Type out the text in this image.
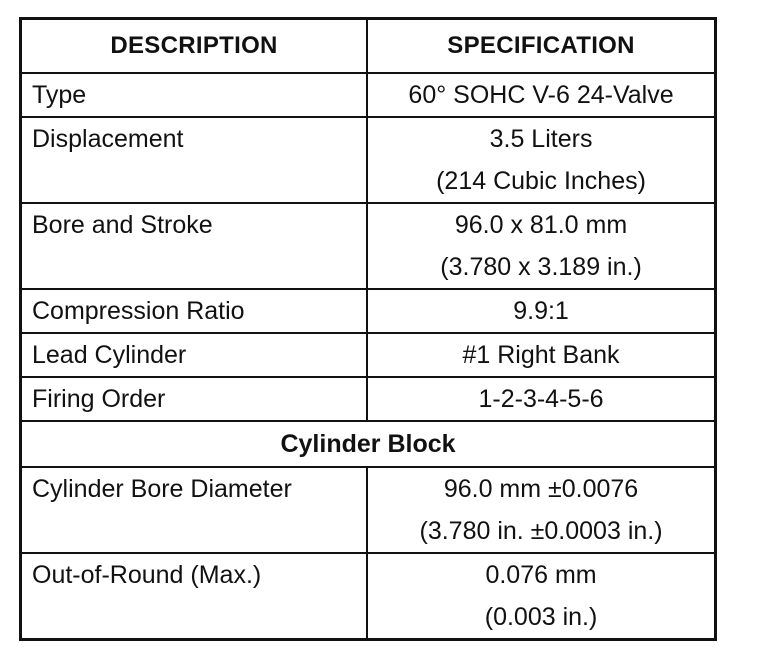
DESCRIPTION	SPECIFICATION

Type	60° SOHC V-6 24-Valve

Displacement	3.5 Liters
(214 Cubic Inches)

Bore and Stroke	96.0 x 81.0 mm
(3.780 x 3.189 in.)

Compression Ratio	9.9:1

Lead Cylinder	#1 Right Bank

Firing Order	1-2-3-4-5-6

Cylinder Block	

Cylinder Bore Diameter	96.0 mm ±0.0076
(3.780 in. ±0.0003 in.)

Out-of-Round (Max.)	0.076 mm
(0.003 in.)
